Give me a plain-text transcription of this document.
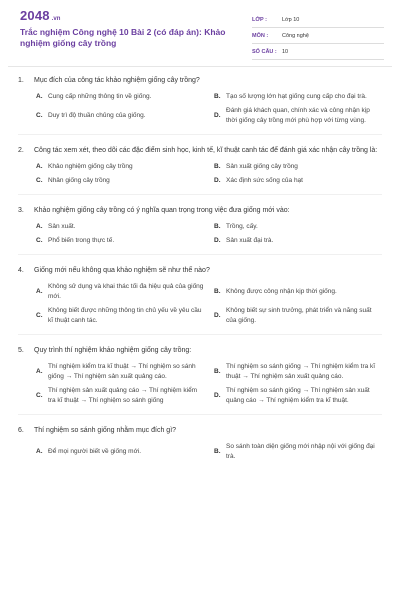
2048 .vn
Trắc nghiệm Công nghệ 10 Bài 2 (có đáp án): Khảo nghiệm giống cây trồng
LỚP :	Lớp 10
MÔN :	Công nghệ
SỐ CÂU : 10
1.	Mục đích của công tác khảo nghiệm giống cây trồng?
A. Cung cấp những thông tin về giống.	B. Tạo số lượng lớn hạt giống cung cấp cho đại trà.
C. Duy trì độ thuần chủng của giống.	D.
Đánh giá khách quan, chính xác và công nhận kịp thời giống cây trồng mới phù hợp với từng vùng.
2.	Công tác xem xét, theo dõi các đặc điểm sinh học, kinh tế, kĩ thuật canh tác để đánh giá xác nhận cây trồng là:
A. Khảo nghiệm giống cây trồng	B. Sản xuất giống cây trồng
C. Nhân giống cây trồng	D. Xác định sức sống của hạt
3.	Khảo nghiệm giống cây trồng có ý nghĩa quan trọng trong việc đưa giống mới vào:
A. Sản xuất.	B. Trồng, cấy.
C. Phổ biến trong thực tế.	D. Sản xuất đại trà.
4.	Giống mới nếu không qua khảo nghiệm sẽ như thế nào?
A.
Không sử dụng và khai thác tối đa hiệu quả của giống mới.
B. Không được công nhận kịp thời giống.
C.
Không biết được những thông tin chủ yếu về yêu cầu kĩ thuật canh tác.
D.
Không biết sự sinh trưởng, phát triển và năng suất của giống.
5.	Quy trình thí nghiệm khảo nghiệm giống cây trồng:
A.
Thí nghiệm kiểm tra kĩ thuật → Thí nghiệm so sánh giống → Thí nghiệm sản xuất quảng cáo.
B.
Thí nghiệm so sánh giống → Thí nghiệm kiểm tra kĩ thuật → Thí nghiệm sản xuất quảng cáo.
C.
Thí nghiệm sản xuất quảng cáo → Thí nghiệm kiểm tra kĩ thuật → Thí nghiệm so sánh giống
D.
Thí nghiệm so sánh giống → Thí nghiệm sản xuất quảng cáo → Thí nghiệm kiểm tra kĩ thuật.
6.	Thí nghiệm so sánh giống nhằm mục đích gì?
A. Để mọi người biết về giống mới.	B.
So sánh toàn diện giống mới nhập nội với giống đại trà.
